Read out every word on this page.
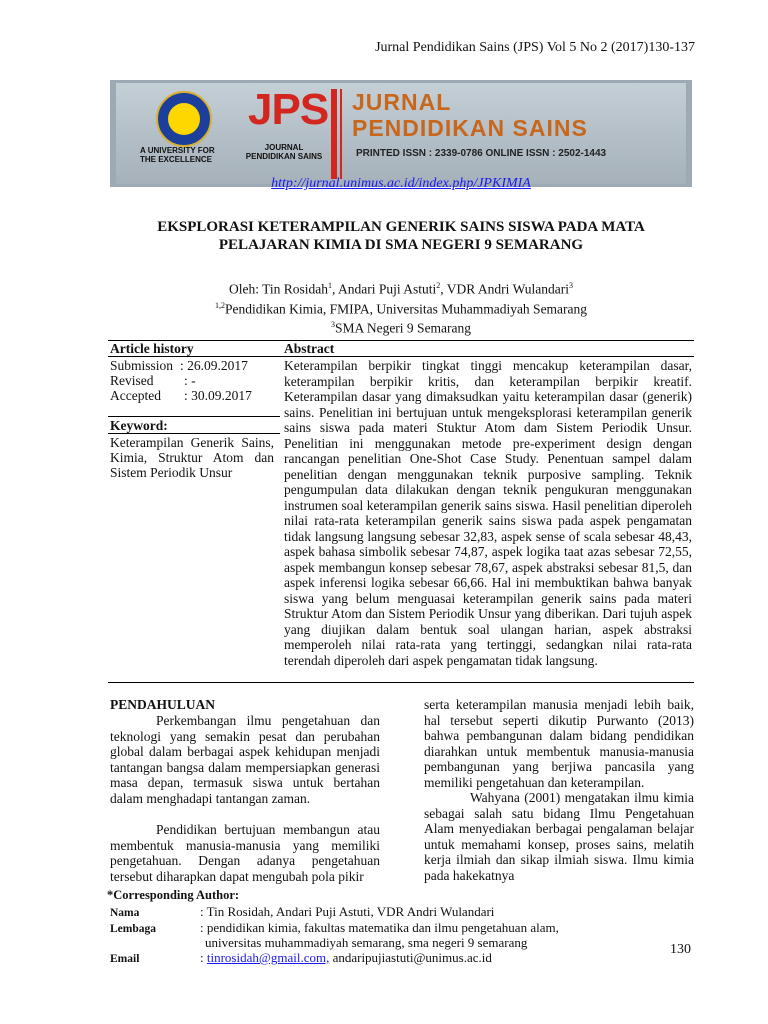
Jurnal Pendidikan Sains (JPS) Vol 5 No 2 (2017)130-137
A UNIVERSITY FOR
THE EXCELLENCE
JPS
JOURNAL
PENDIDIKAN SAINS
JURNAL
PENDIDIKAN SAINS
PRINTED ISSN : 2339-0786 ONLINE ISSN : 2502-1443
http://jurnal.unimus.ac.id/index.php/JPKIMIA
EKSPLORASI KETERAMPILAN GENERIK SAINS SISWA PADA MATA
PELAJARAN KIMIA DI SMA NEGERI 9 SEMARANG
Oleh: Tin Rosidah$^1$, Andari Puji Astuti$^2$, VDR Andri Wulandari$^3$
$^{1,2}$Pendidikan Kimia, FMIPA, Universitas Muhammadiyah Semarang
$^3$SMA Negeri 9 Semarang
Article history
Submission	: 26.09.2017
Revised	: -
Accepted	: 30.09.2017
Keyword:
Keterampilan Generik Sains, Kimia, Struktur Atom dan Sistem Periodik Unsur
Abstract
Keterampilan berpikir tingkat tinggi mencakup keterampilan dasar, keterampilan berpikir kritis, dan keterampilan berpikir kreatif. Keterampilan dasar yang dimaksudkan yaitu keterampilan dasar (generik) sains. Penelitian ini bertujuan untuk mengeksplorasi keterampilan generik sains siswa pada materi Stuktur Atom dam Sistem Periodik Unsur. Penelitian ini menggunakan metode pre-experiment design dengan rancangan penelitian One-Shot Case Study. Penentuan sampel dalam penelitian dengan menggunakan teknik purposive sampling. Teknik pengumpulan data dilakukan dengan teknik pengukuran menggunakan instrumen soal keterampilan generik sains siswa. Hasil penelitian diperoleh nilai rata-rata keterampilan generik sains siswa pada aspek pengamatan tidak langsung langsung sebesar 32,83, aspek sense of scala sebesar 48,43, aspek bahasa simbolik sebesar 74,87, aspek logika taat azas sebesar 72,55, aspek membangun konsep sebesar 78,67, aspek abstraksi sebesar 81,5, dan aspek inferensi logika sebesar 66,66. Hal ini membuktikan bahwa banyak siswa yang belum menguasai keterampilan generik sains pada materi Struktur Atom dan Sistem Periodik Unsur yang diberikan. Dari tujuh aspek yang diujikan dalam bentuk soal ulangan harian, aspek abstraksi memperoleh nilai rata-rata yang tertinggi, sedangkan nilai rata-rata terendah diperoleh dari aspek pengamatan tidak langsung.
PENDAHULUAN
Perkembangan ilmu pengetahuan dan teknologi yang semakin pesat dan perubahan global dalam berbagai aspek kehidupan menjadi tantangan bangsa dalam mempersiapkan generasi masa depan, termasuk siswa untuk bertahan dalam menghadapi tantangan zaman.
Pendidikan bertujuan membangun atau membentuk manusia-manusia yang memiliki pengetahuan. Dengan adanya pengetahuan tersebut diharapkan dapat mengubah pola pikir
serta keterampilan manusia menjadi lebih baik, hal tersebut seperti dikutip Purwanto (2013) bahwa pembangunan dalam bidang pendidikan diarahkan untuk membentuk manusia-manusia pembangunan yang berjiwa pancasila yang memiliki pengetahuan dan keterampilan.
Wahyana (2001) mengatakan ilmu kimia sebagai salah satu bidang Ilmu Pengetahuan Alam menyediakan berbagai pengalaman belajar untuk memahami konsep, proses sains, melatih kerja ilmiah dan sikap ilmiah siswa. Ilmu kimia pada hakekatnya
*Corresponding Author:
Nama	: Tin Rosidah, Andari Puji Astuti, VDR Andri Wulandari
Lembaga	: pendidikan kimia, fakultas matematika dan ilmu pengetahuan alam,
universitas muhammadiyah semarang, sma negeri 9 semarang
Email	: tinrosidah@gmail.com, andaripujiastuti@unimus.ac.id
130
